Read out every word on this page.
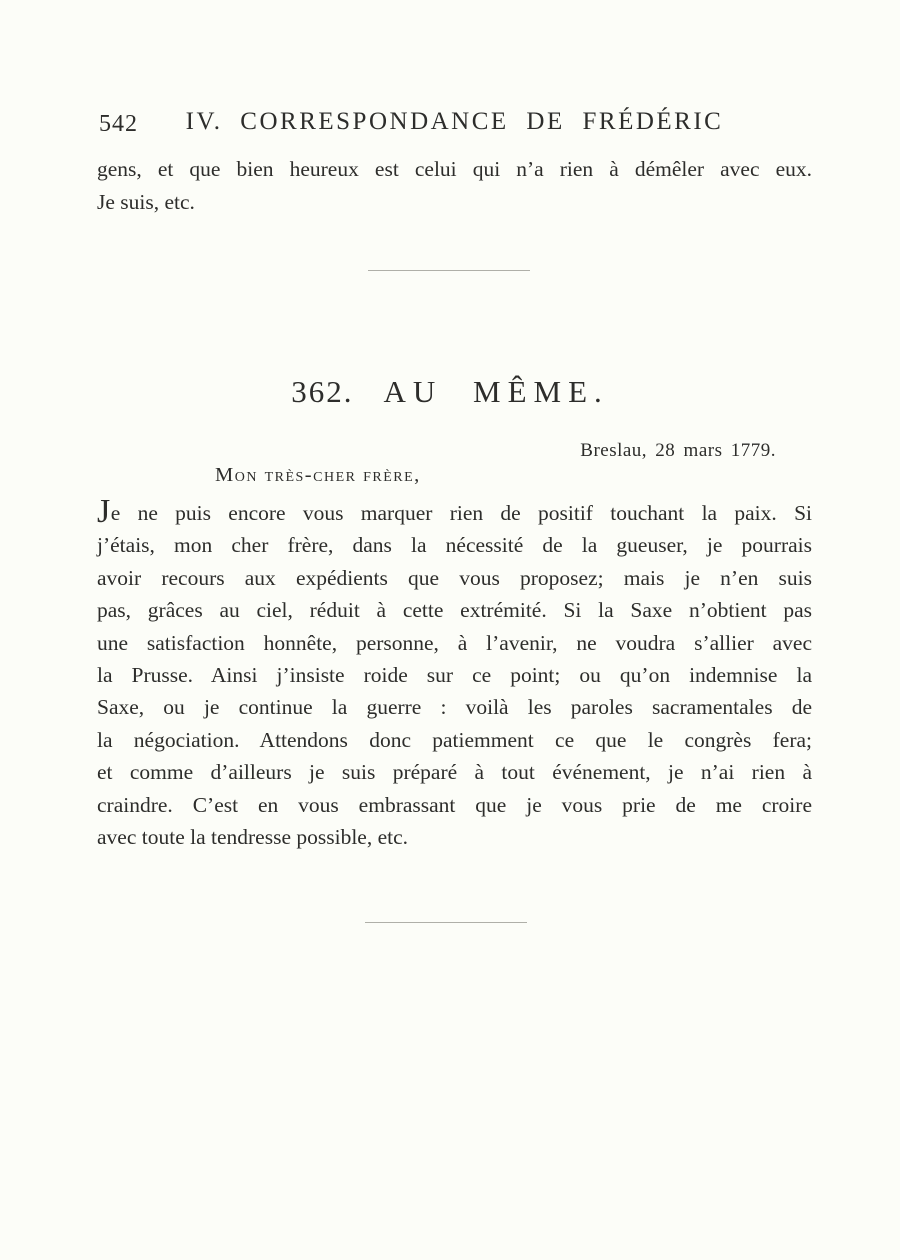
542	IV. CORRESPONDANCE DE FRÉDÉRIC
gens, et que bien heureux est celui qui n’a rien à démêler avec eux.
Je suis, etc.
362. AU MÊME.
Breslau, 28 mars 1779.
Mon très-cher frère,
Je ne puis encore vous marquer rien de positif touchant la paix. Si
j’étais, mon cher frère, dans la nécessité de la gueuser, je pourrais
avoir recours aux expédients que vous proposez; mais je n’en suis
pas, grâces au ciel, réduit à cette extrémité. Si la Saxe n’obtient pas
une satisfaction honnête, personne, à l’avenir, ne voudra s’allier avec
la Prusse. Ainsi j’insiste roide sur ce point; ou qu’on indemnise la
Saxe, ou je continue la guerre : voilà les paroles sacramentales de
la négociation. Attendons donc patiemment ce que le congrès fera;
et comme d’ailleurs je suis préparé à tout événement, je n’ai rien à
craindre. C’est en vous embrassant que je vous prie de me croire
avec toute la tendresse possible, etc.
